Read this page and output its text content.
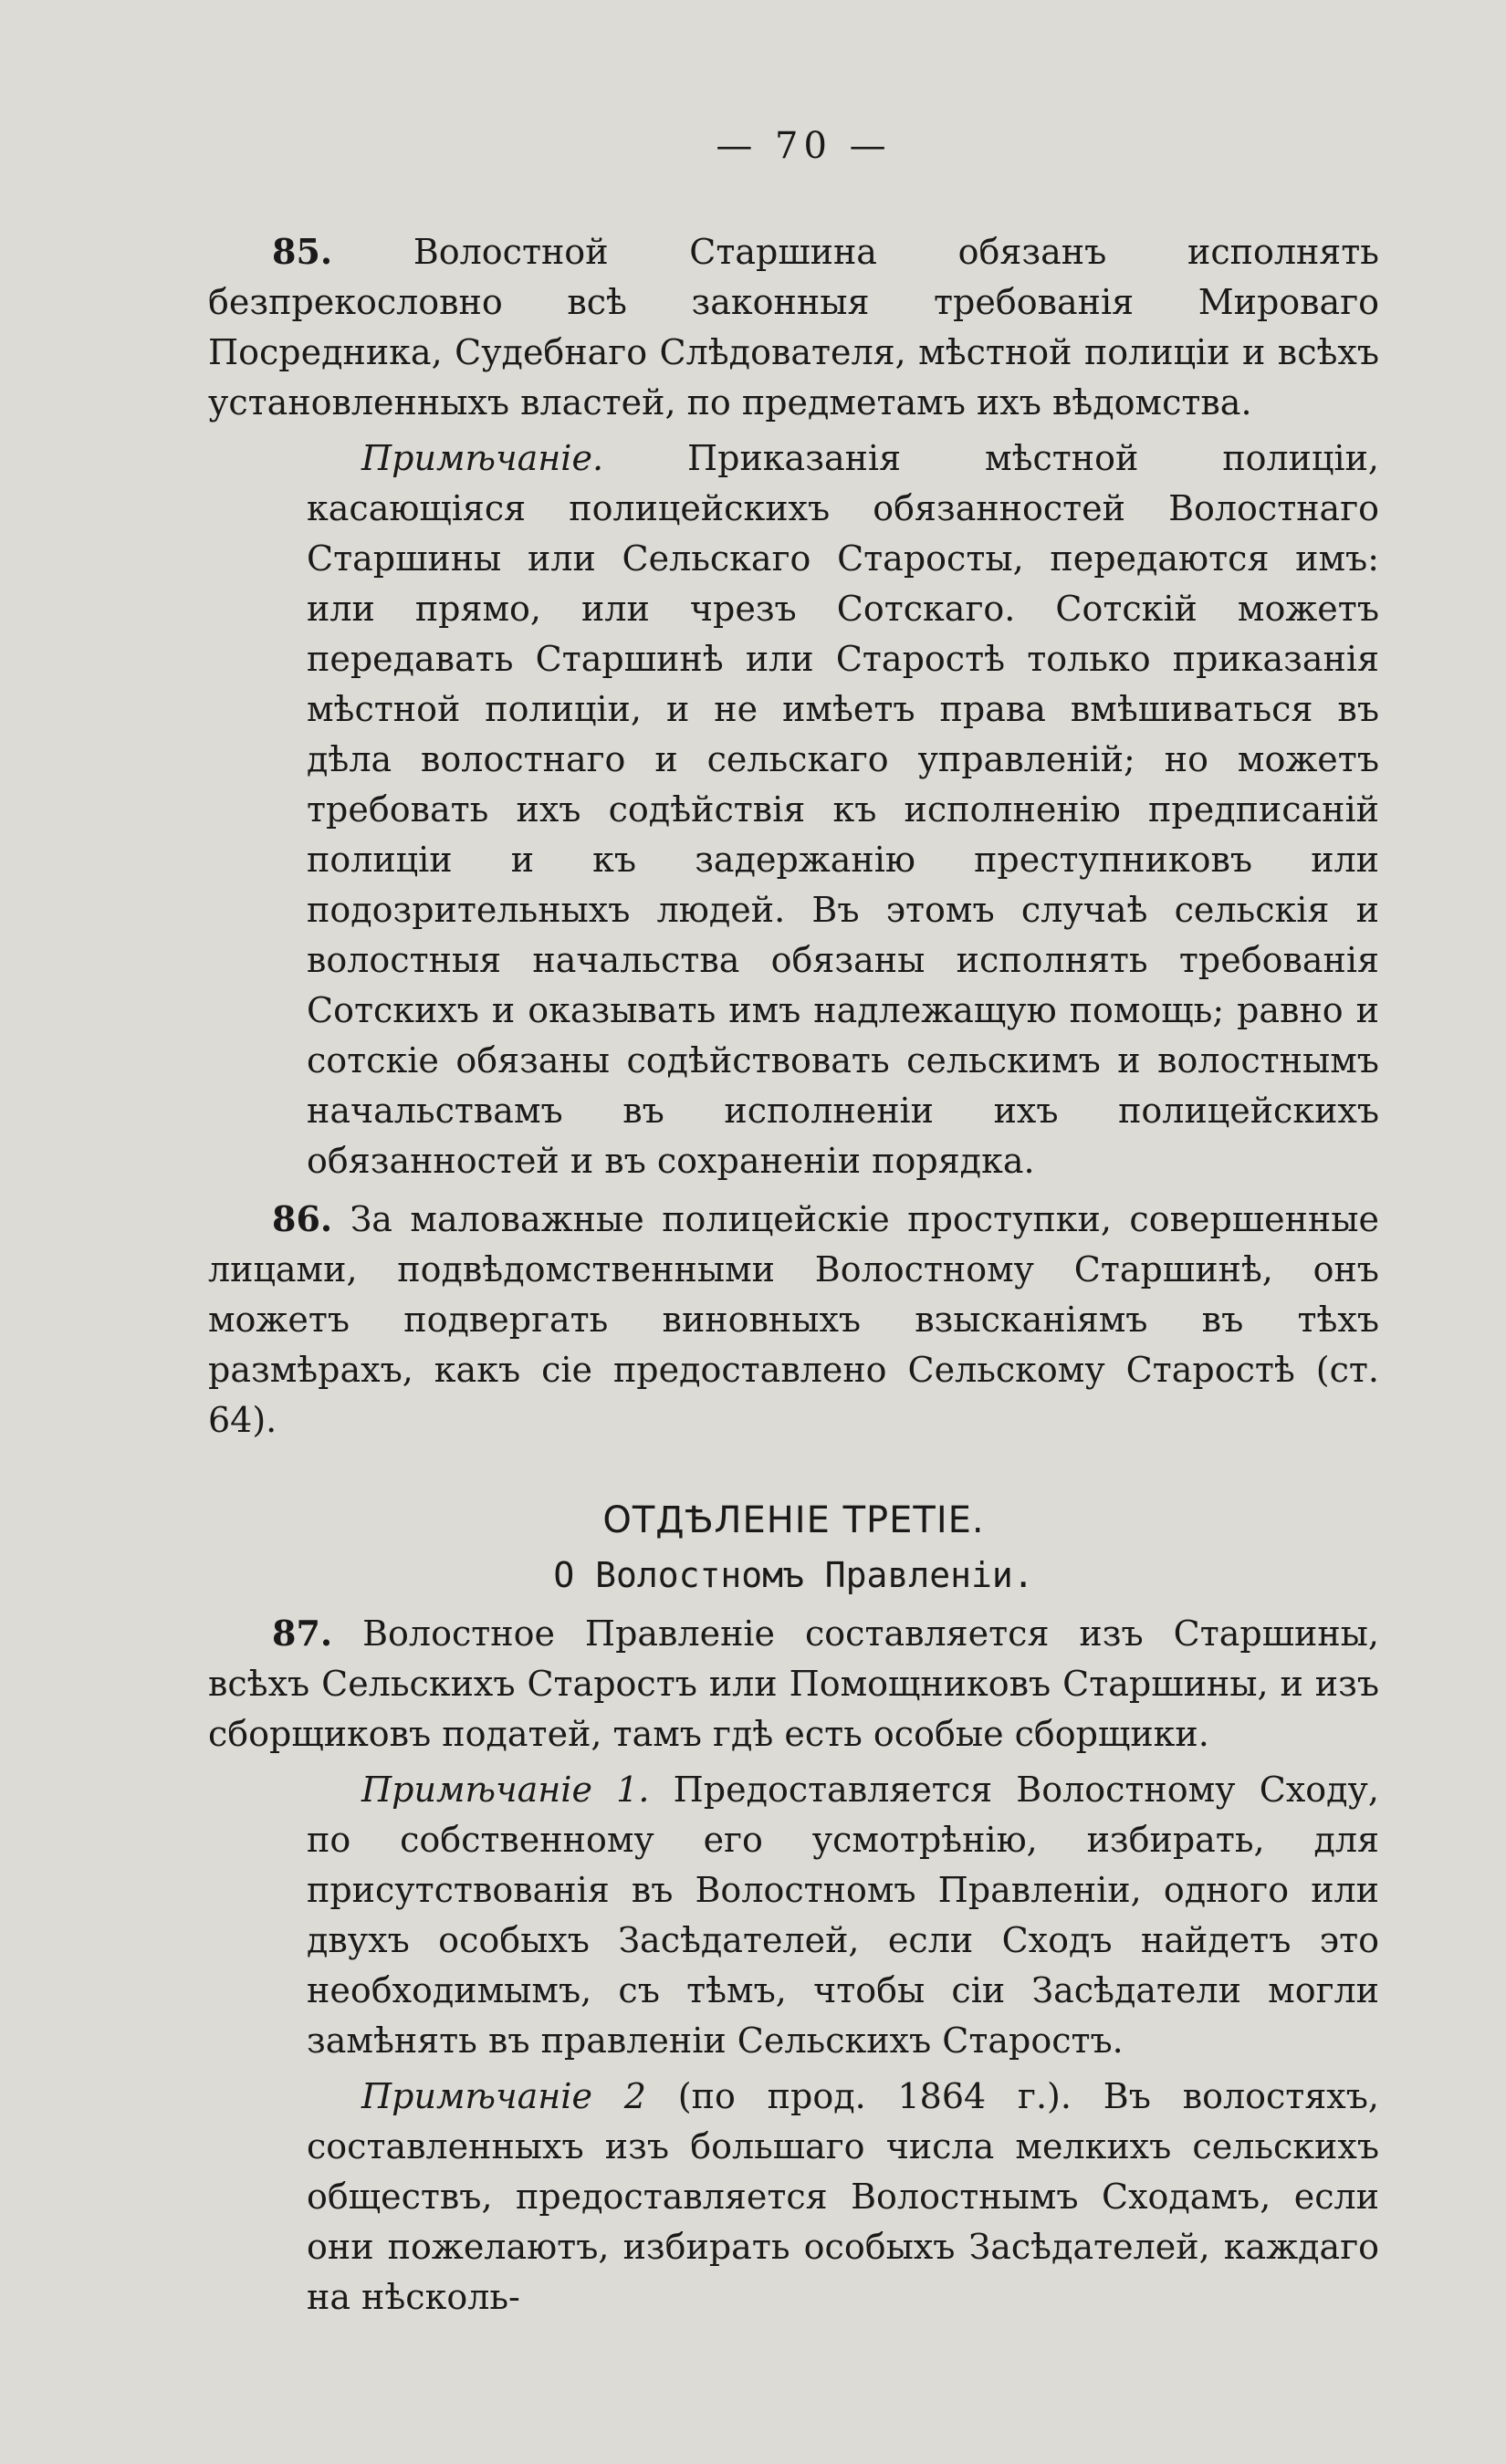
— 70 —

85. Волостной Старшина обязанъ исполнять безпрекословно всѣ законныя требованія Мироваго Посредника, Судебнаго Слѣдователя, мѣстной полиціи и всѣхъ установленныхъ властей, по предметамъ ихъ вѣдомства.

Примѣчаніе. Приказанія мѣстной полиціи, касающіяся полицейскихъ обязанностей Волостнаго Старшины или Сельскаго Старосты, передаются имъ: или прямо, или чрезъ Сотскаго. Сотскій можетъ передавать Старшинѣ или Старостѣ только приказанія мѣстной полиціи, и не имѣетъ права вмѣшиваться въ дѣла волостнаго и сельскаго управленій; но можетъ требовать ихъ содѣйствія къ исполненію предписаній полиціи и къ задержанію преступниковъ или подозрительныхъ людей. Въ этомъ случаѣ сельскія и волостныя начальства обязаны исполнять требованія Сотскихъ и оказывать имъ надлежащую помощь; равно и сотскіе обязаны содѣйствовать сельскимъ и волостнымъ начальствамъ въ исполненіи ихъ полицейскихъ обязанностей и въ сохраненіи порядка.

86. За маловажные полицейскіе проступки, совершенные лицами, подвѣдомственными Волостному Старшинѣ, онъ можетъ подвергать виновныхъ взысканіямъ въ тѣхъ размѣрахъ, какъ сіе предоставлено Сельскому Старостѣ (ст. 64).

ОТДѢЛЕНІЕ ТРЕТІЕ.
О Волостномъ Правленіи.

87. Волостное Правленіе составляется изъ Старшины, всѣхъ Сельскихъ Старостъ или Помощниковъ Старшины, и изъ сборщиковъ податей, тамъ гдѣ есть особые сборщики.

Примѣчаніе 1. Предоставляется Волостному Сходу, по собственному его усмотрѣнію, избирать, для присутствованія въ Волостномъ Правленіи, одного или двухъ особыхъ Засѣдателей, если Сходъ найдетъ это необходимымъ, съ тѣмъ, чтобы сіи Засѣдатели могли замѣнять въ правленіи Сельскихъ Старостъ.

Примѣчаніе 2 (по прод. 1864 г.). Въ волостяхъ, составленныхъ изъ большаго числа мелкихъ сельскихъ обществъ, предоставляется Волостнымъ Сходамъ, если они пожелаютъ, избирать особыхъ Засѣдателей, каждаго на нѣсколь-
